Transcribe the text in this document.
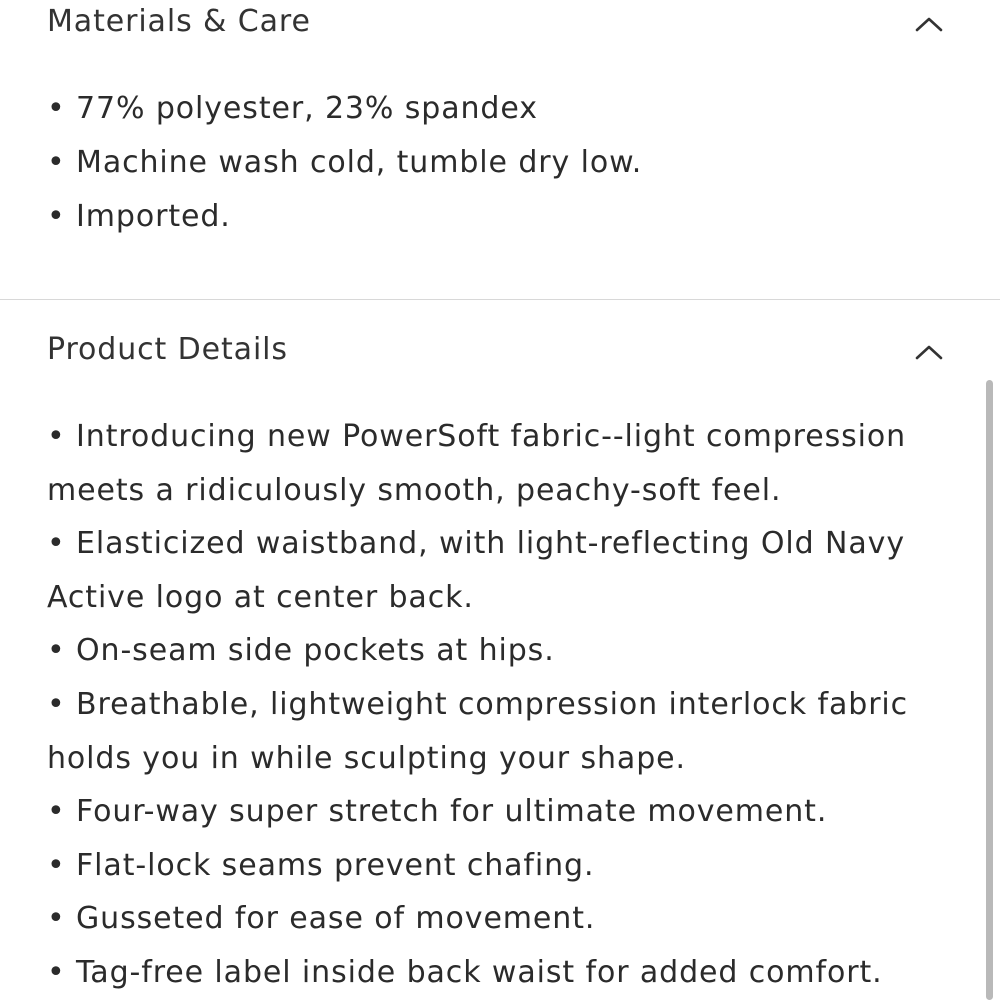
Materials & Care
• 77% polyester, 23% spandex
• Machine wash cold, tumble dry low.
• Imported.
Product Details
• Introducing new PowerSoft fabric--light compression meets a ridiculously smooth, peachy-soft feel.
• Elasticized waistband, with light-reflecting Old Navy Active logo at center back.
• On-seam side pockets at hips.
• Breathable, lightweight compression interlock fabric holds you in while sculpting your shape.
• Four-way super stretch for ultimate movement.
• Flat-lock seams prevent chafing.
• Gusseted for ease of movement.
• Tag-free label inside back waist for added comfort.
